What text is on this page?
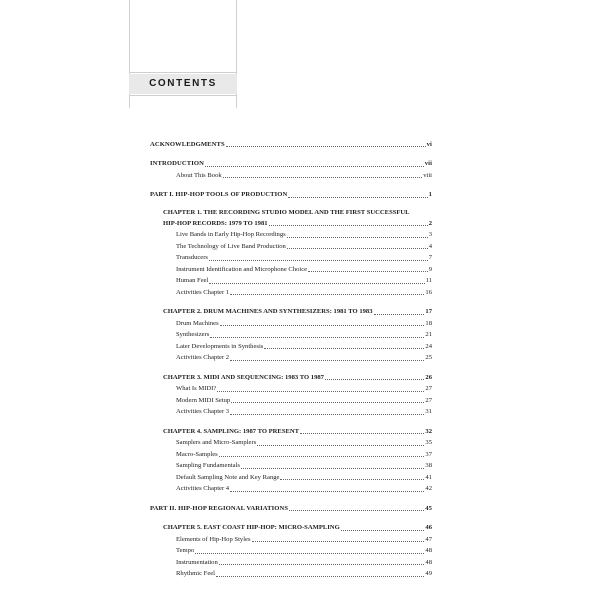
CONTENTS
ACKNOWLEDGMENTS	vi
INTRODUCTION	vii
About This Book	viii
PART I. HIP-HOP TOOLS OF PRODUCTION	1
CHAPTER 1. THE RECORDING STUDIO MODEL AND THE FIRST SUCCESSFUL
HIP-HOP RECORDS: 1979 TO 1981	2
Live Bands in Early Hip-Hop Recordings	3
The Technology of Live Band Production	4
Transducers	7
Instrument Identification and Microphone Choice	9
Human Feel	11
Activities Chapter 1	16
CHAPTER 2. DRUM MACHINES AND SYNTHESIZERS: 1981 TO 1983	17
Drum Machines	18
Synthesizers	21
Later Developments in Synthesis	24
Activities Chapter 2	25
CHAPTER 3. MIDI AND SEQUENCING: 1983 TO 1987	26
What Is MIDI?	27
Modern MIDI Setup	27
Activities Chapter 3	31
CHAPTER 4. SAMPLING: 1987 TO PRESENT	32
Samplers and Micro-Samplers	35
Macro-Samples	37
Sampling Fundamentals	38
Default Sampling Note and Key Range	41
Activities Chapter 4	42
PART II. HIP-HOP REGIONAL VARIATIONS	45
CHAPTER 5. EAST COAST HIP-HOP: MICRO-SAMPLING	46
Elements of Hip-Hop Styles	47
Tempo	48
Instrumentation	48
Rhythmic Feel	49
